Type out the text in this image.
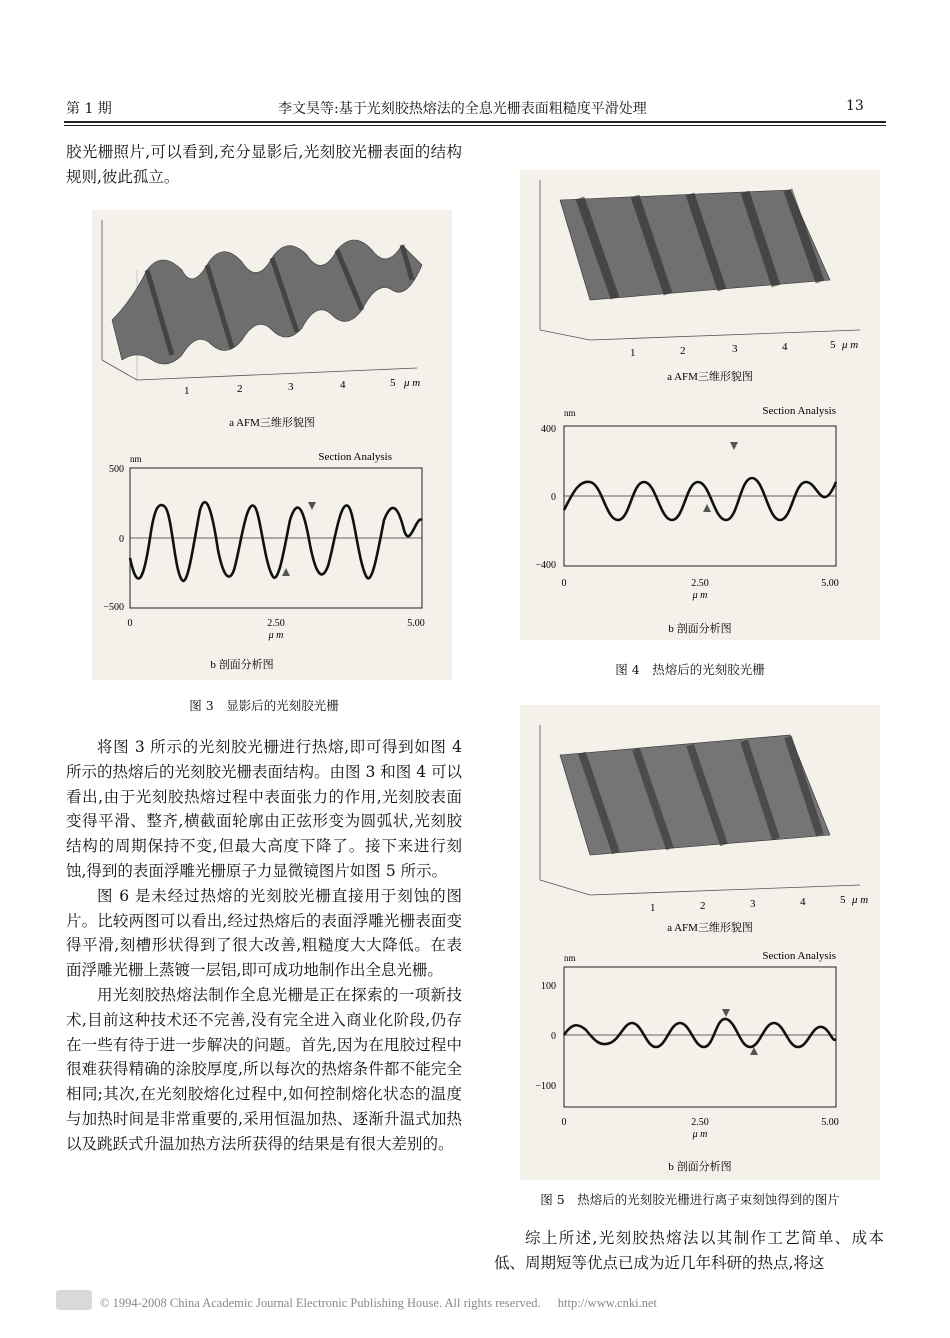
第 1 期	李文昊等:基于光刻胶热熔法的全息光栅表面粗糙度平滑处理	13

胶光栅照片,可以看到,充分显影后,光刻胶光栅表面的结构规则,彼此孤立。

1	2	3	4	5 μ m
a AFM三维形貌图
Section Analysis
nm
500
0
−500
0	2.50	5.00
μ m
b 剖面分析图
图 3　显影后的光刻胶光栅

将图 3 所示的光刻胶光栅进行热熔,即可得到如图 4 所示的热熔后的光刻胶光栅表面结构。由图 3 和图 4 可以看出,由于光刻胶热熔过程中表面张力的作用,光刻胶表面变得平滑、整齐,横截面轮廓由正弦形变为圆弧状,光刻胶结构的周期保持不变,但最大高度下降了。接下来进行刻蚀,得到的表面浮雕光栅原子力显微镜图片如图 5 所示。

图 6 是未经过热熔的光刻胶光栅直接用于刻蚀的图片。比较两图可以看出,经过热熔后的表面浮雕光栅表面变得平滑,刻槽形状得到了很大改善,粗糙度大大降低。在表面浮雕光栅上蒸镀一层铝,即可成功地制作出全息光栅。

用光刻胶热熔法制作全息光栅是正在探索的一项新技术,目前这种技术还不完善,没有完全进入商业化阶段,仍存在一些有待于进一步解决的问题。首先,因为在甩胶过程中很难获得精确的涂胶厚度,所以每次的热熔条件都不能完全相同;其次,在光刻胶熔化过程中,如何控制熔化状态的温度与加热时间是非常重要的,采用恒温加热、逐渐升温式加热以及跳跃式升温加热方法所获得的结果是有很大差别的。

1	2	3	4	5 μ m
a AFM三维形貌图
Section Analysis
nm
400
0
−400
0	2.50	5.00
μ m
b 剖面分析图
图 4　热熔后的光刻胶光栅
1	2	3	4	5 μ m
a AFM三维形貌图
Section Analysis
nm
100
0
−100
0	2.50	5.00
μ m
b 剖面分析图
图 5　热熔后的光刻胶光栅进行离子束刻蚀得到的图片

综上所述,光刻胶热熔法以其制作工艺简单、成本低、周期短等优点已成为近几年科研的热点,将这

© 1994-2008 China Academic Journal Electronic Publishing House. All rights reserved. http://www.cnki.net
